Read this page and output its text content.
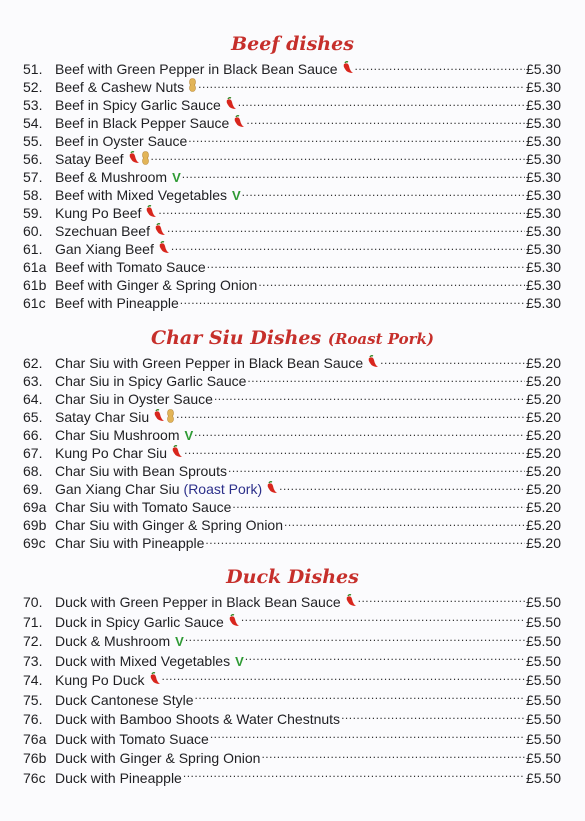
Beef dishes
51. Beef with Green Pepper in Black Bean Sauce .....	£5.30
52. Beef & Cashew Nuts .....	£5.30
53. Beef in Spicy Garlic Sauce .....	£5.30
54. Beef in Black Pepper Sauce .....	£5.30
55. Beef in Oyster Sauce .....	£5.30
56. Satay Beef .....	£5.30
57. Beef & Mushroom V .....	£5.30
58. Beef with Mixed Vegetables V .....	£5.30
59. Kung Po Beef .....	£5.30
60. Szechuan Beef .....	£5.30
61. Gan Xiang Beef .....	£5.30
61a Beef with Tomato Sauce .....	£5.30
61b Beef with Ginger & Spring Onion .....	£5.30
61c Beef with Pineapple .....	£5.30
Char Siu Dishes (Roast Pork)
62. Char Siu with Green Pepper in Black Bean Sauce .....	£5.20
63. Char Siu in Spicy Garlic Sauce .....	£5.20
64. Char Siu in Oyster Sauce .....	£5.20
65. Satay Char Siu .....	£5.20
66. Char Siu Mushroom V .....	£5.20
67. Kung Po Char Siu .....	£5.20
68. Char Siu with Bean Sprouts .....	£5.20
69. Gan Xiang Char Siu (Roast Pork) .....	£5.20
69a Char Siu with Tomato Sauce .....	£5.20
69b Char Siu with Ginger & Spring Onion .....	£5.20
69c Char Siu with Pineapple .....	£5.20
Duck Dishes
70. Duck with Green Pepper in Black Bean Sauce .....	£5.50
71. Duck in Spicy Garlic Sauce .....	£5.50
72. Duck & Mushroom V .....	£5.50
73. Duck with Mixed Vegetables V .....	£5.50
74. Kung Po Duck .....	£5.50
75. Duck Cantonese Style .....	£5.50
76. Duck with Bamboo Shoots & Water Chestnuts .....	£5.50
76a Duck with Tomato Suace .....	£5.50
76b Duck with Ginger & Spring Onion .....	£5.50
76c Duck with Pineapple .....	£5.50
